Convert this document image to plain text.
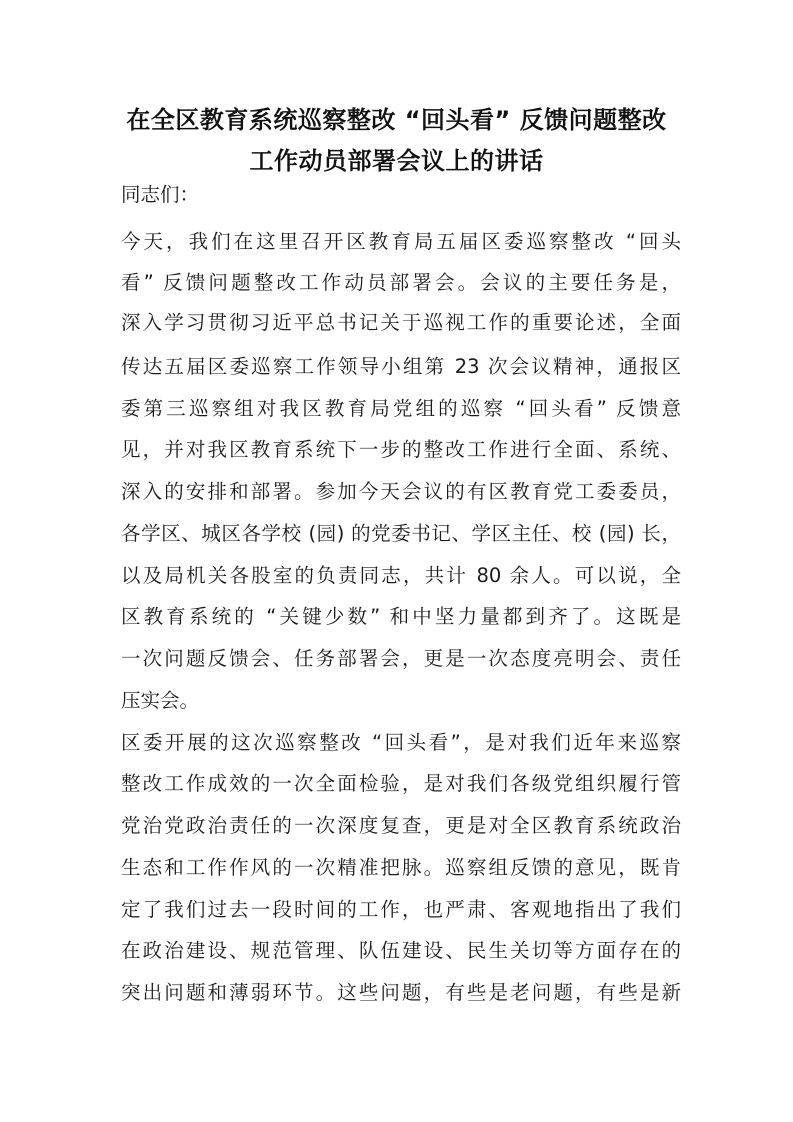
在全区教育系统巡察整改 “回头看” 反馈问题整改
工作动员部署会议上的讲话
同志们：
今天，我们在这里召开区教育局五届区委巡察整改 “回头
看” 反馈问题整改工作动员部署会。会议的主要任务是，
深入学习贯彻习近平总书记关于巡视工作的重要论述，全面
传达五届区委巡察工作领导小组第 23 次会议精神，通报区
委第三巡察组对我区教育局党组的巡察 “回头看” 反馈意
见，并对我区教育系统下一步的整改工作进行全面、系统、
深入的安排和部署。参加今天会议的有区教育党工委委员，
各学区、城区各学校 (园) 的党委书记、学区主任、校 (园) 长，
以及局机关各股室的负责同志，共计 80 余人。可以说，全
区教育系统的 “关键少数” 和中坚力量都到齐了。这既是
一次问题反馈会、任务部署会，更是一次态度亮明会、责任
压实会。
区委开展的这次巡察整改 “回头看”，是对我们近年来巡察
整改工作成效的一次全面检验，是对我们各级党组织履行管
党治党政治责任的一次深度复查，更是对全区教育系统政治
生态和工作作风的一次精准把脉。巡察组反馈的意见，既肯
定了我们过去一段时间的工作，也严肃、客观地指出了我们
在政治建设、规范管理、队伍建设、民生关切等方面存在的
突出问题和薄弱环节。这些问题，有些是老问题，有些是新
